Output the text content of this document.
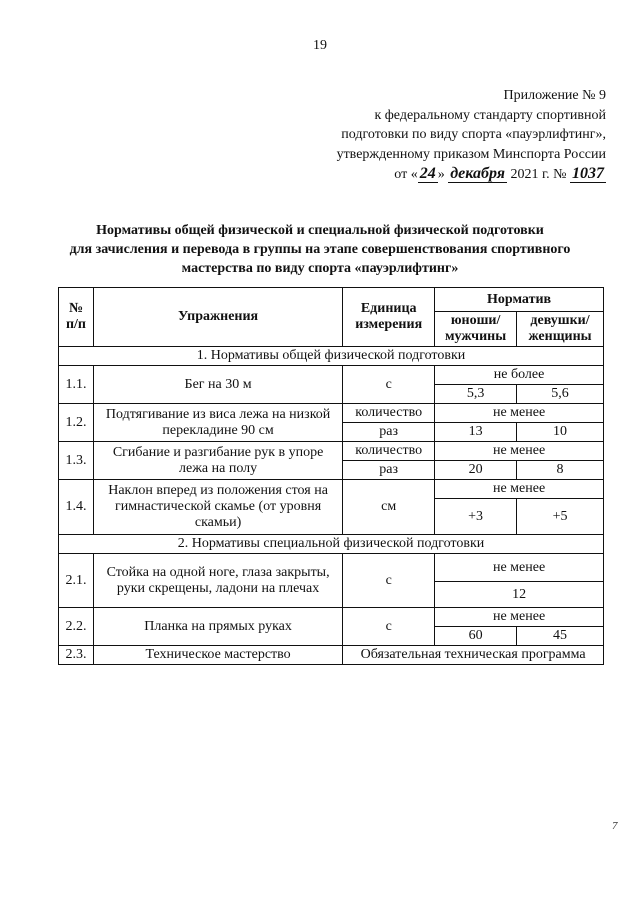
19
Приложение № 9
к федеральному стандарту спортивной
подготовки по виду спорта «пауэрлифтинг»,
утвержденному приказом Минспорта России
от « 24 » декабря 2021 г. № 1037
Нормативы общей физической и специальной физической подготовки
для зачисления и перевода в группы на этапе совершенствования спортивного
мастерства по виду спорта «пауэрлифтинг»
№ п/п	Упражнения	Единица измерения	Норматив	
			юноши/ мужчины	девушки/ женщины
1. Нормативы общей физической подготовки				
1.1.	Бег на 30 м	с	не более	
			5,3	5,6
1.2.	Подтягивание из виса лежа на низкой перекладине 90 см	количество	не менее	
		раз	13	10
1.3.	Сгибание и разгибание рук в упоре лежа на полу	количество	не менее	
		раз	20	8
1.4.	Наклон вперед из положения стоя на гимнастической скамье (от уровня скамьи)	см	не менее	
			+3	+5
2. Нормативы специальной физической подготовки				
2.1.	Стойка на одной ноге, глаза закрыты, руки скрещены, ладони на плечах	с	не менее	
			12	
2.2.	Планка на прямых руках	с	не менее	
			60	45
2.3.	Техническое мастерство	Обязательная техническая программа		
7
